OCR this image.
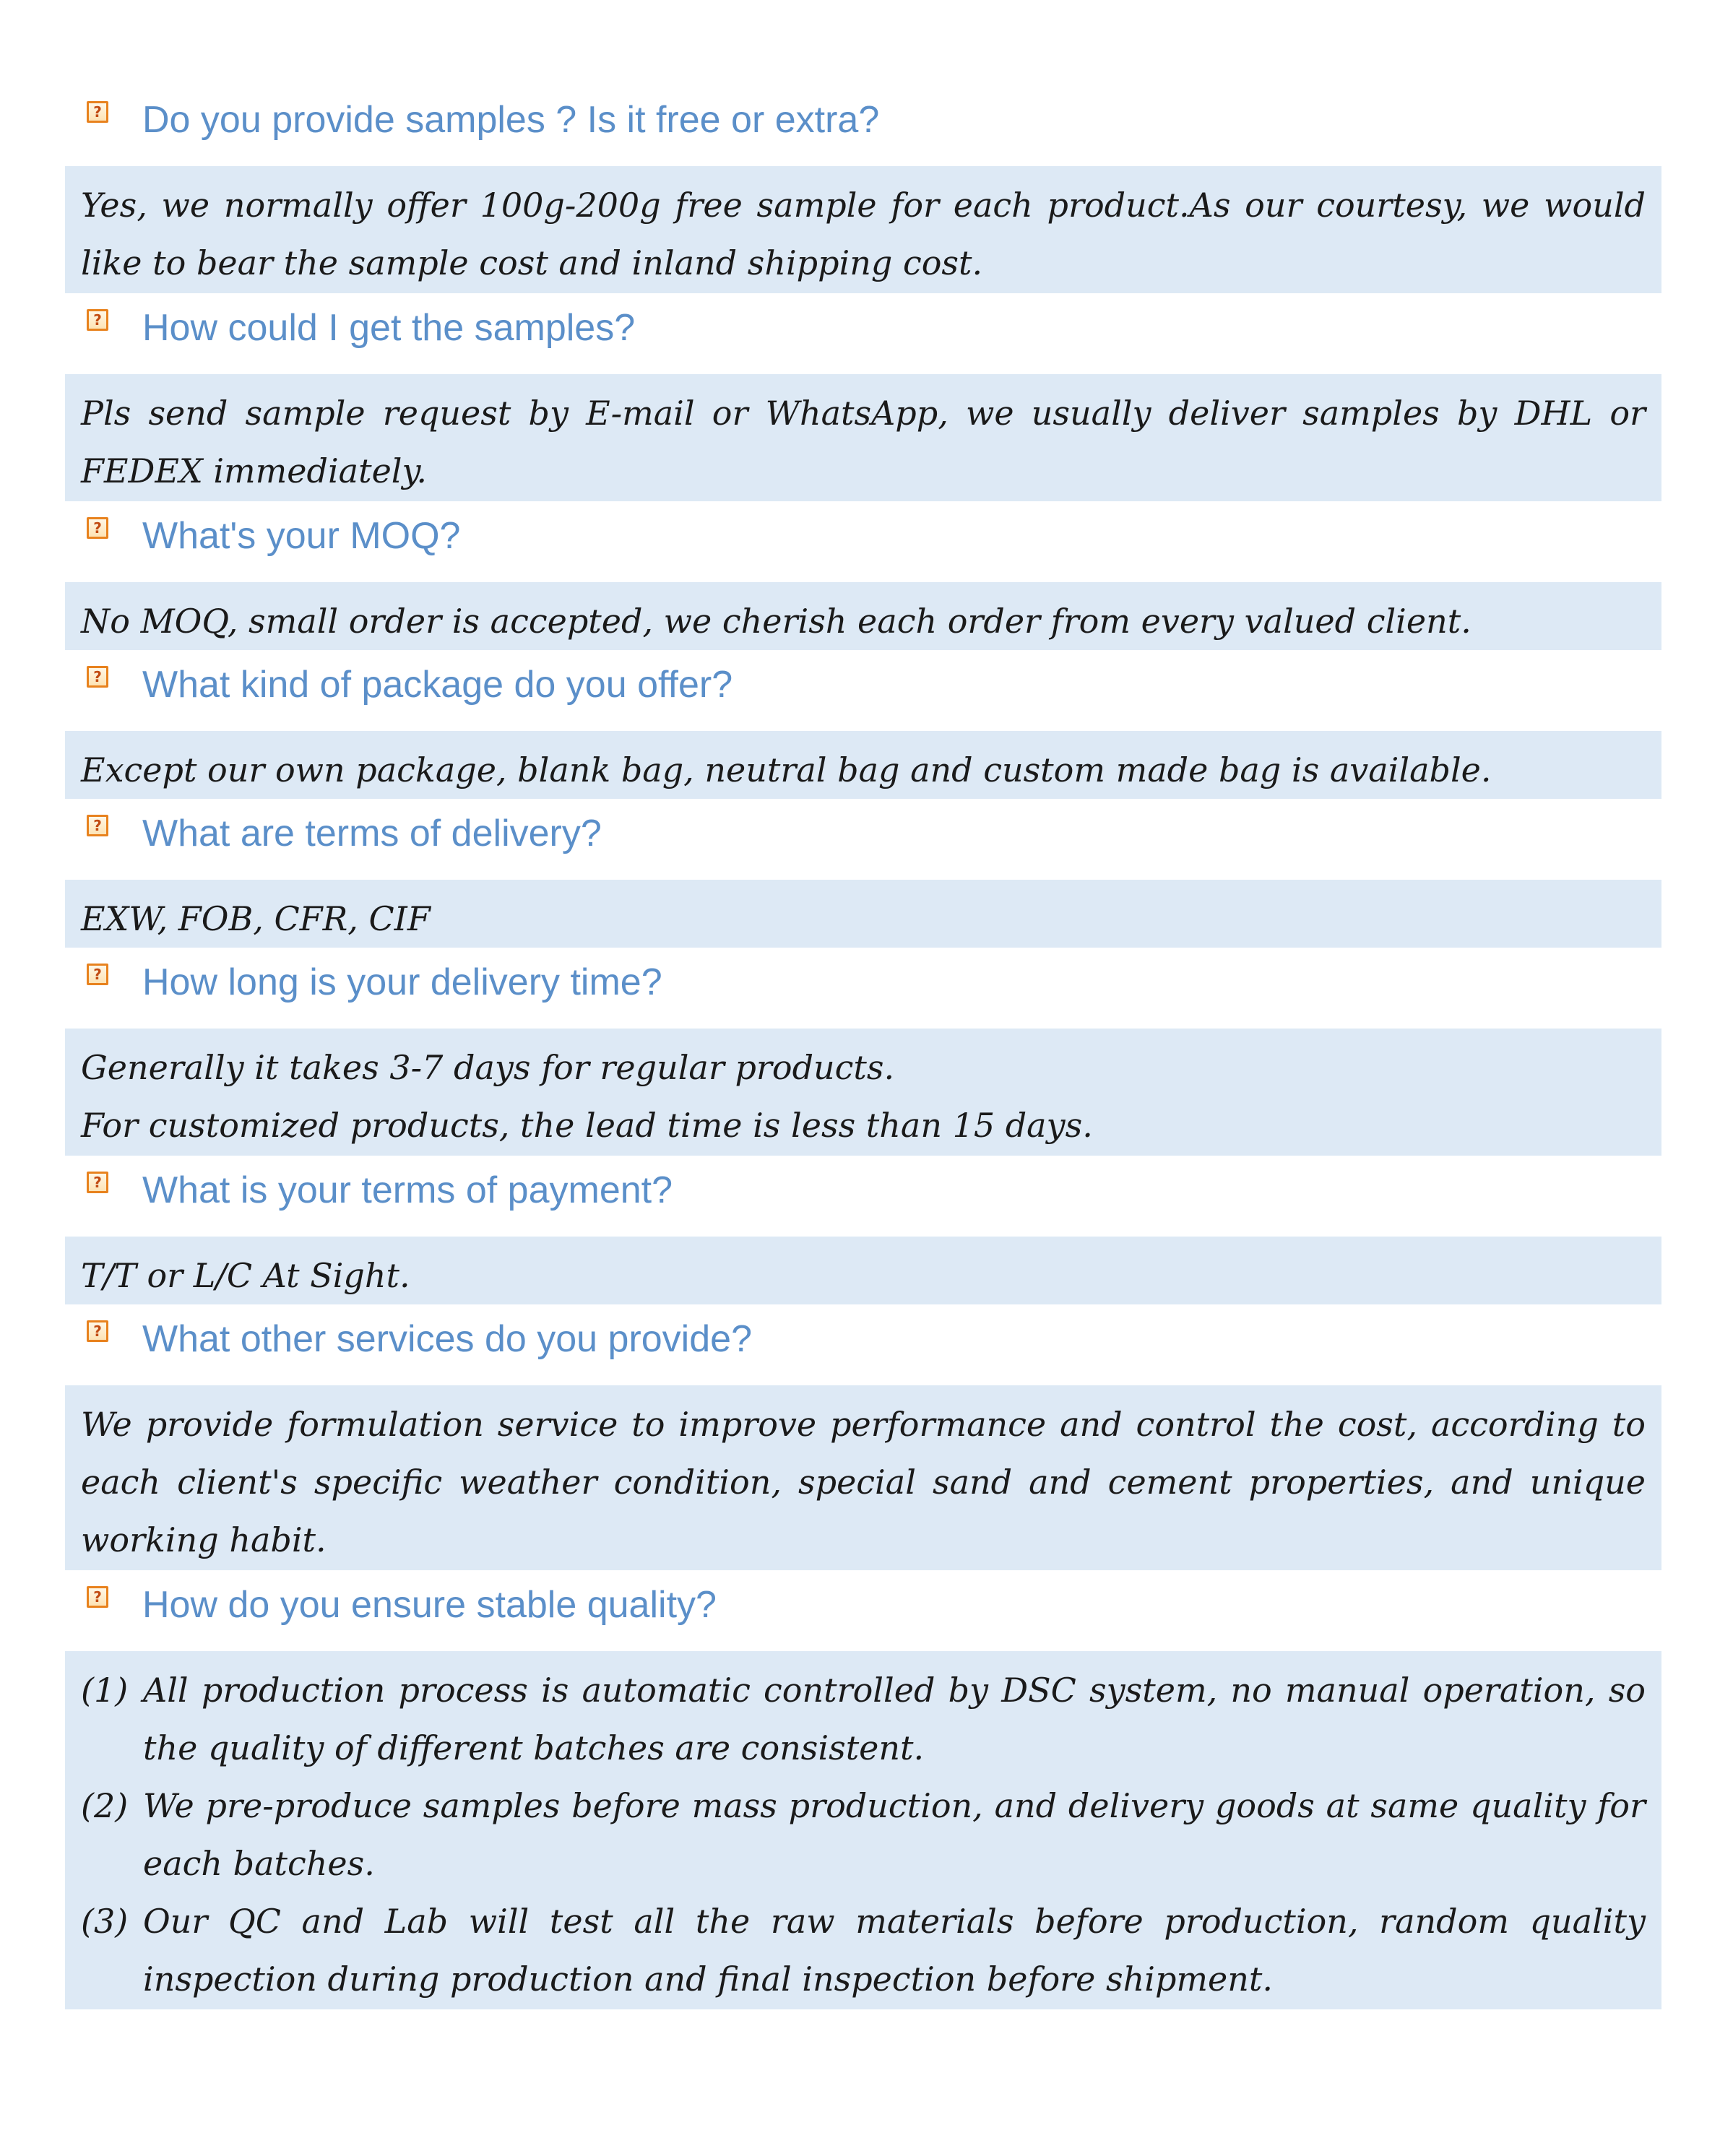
? Do you provide samples ? Is it free or extra?

Yes, we normally offer 100g-200g free sample for each product.As our courtesy, we would like to bear the sample cost and inland shipping cost.

? How could I get the samples?

Pls send sample request by E-mail or WhatsApp, we usually deliver samples by DHL or FEDEX immediately.

? What's your MOQ?

No MOQ, small order is accepted, we cherish each order from every valued client.

? What kind of package do you offer?

Except our own package, blank bag, neutral bag and custom made bag is available.

? What are terms of delivery?

EXW, FOB, CFR, CIF

? How long is your delivery time?
Generally it takes 3-7 days for regular products.
For customized products, the lead time is less than 15 days.
? What is your terms of payment?

T/T or L/C At Sight.

? What other services do you provide?

We provide formulation service to improve performance and control the cost, according to each client's specific weather condition, special sand and cement properties, and unique working habit.

? How do you ensure stable quality?
(1) All production process is automatic controlled by DSC system, no manual operation, so the quality of different batches are consistent.
(2) We pre-produce samples before mass production, and delivery goods at same quality for each batches.
(3) Our QC and Lab will test all the raw materials before production, random quality inspection during production and final inspection before shipment.
